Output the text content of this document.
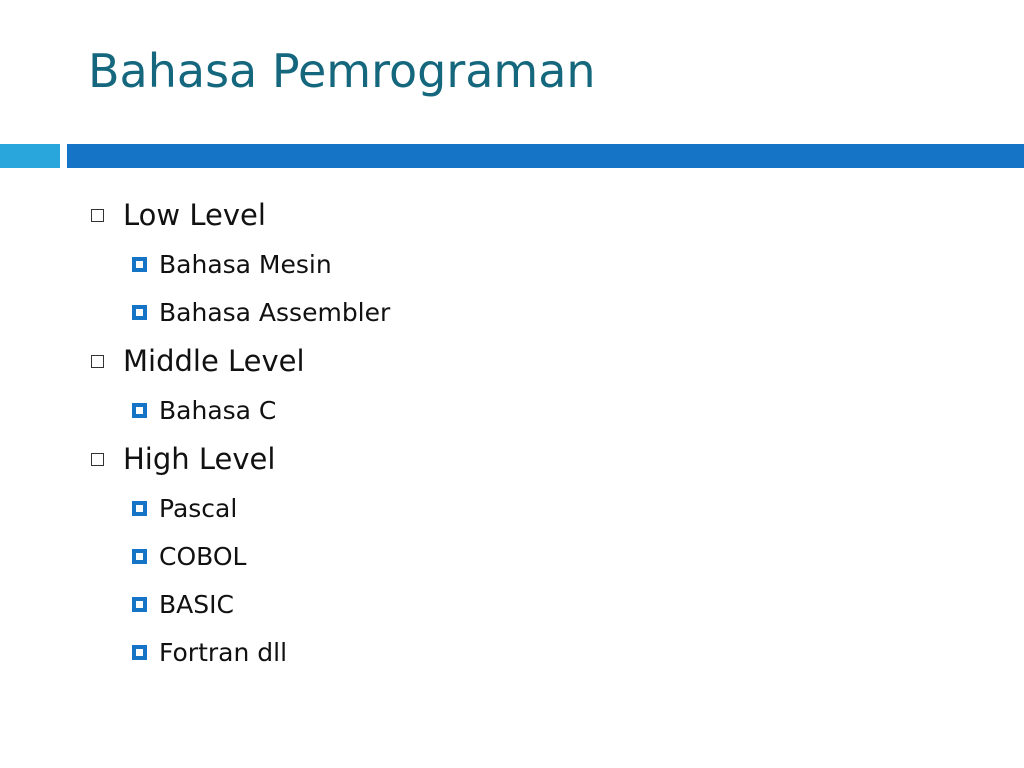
Bahasa Pemrograman
Low Level
Bahasa Mesin
Bahasa Assembler
Middle Level
Bahasa C
High Level
Pascal
COBOL
BASIC
Fortran dll
